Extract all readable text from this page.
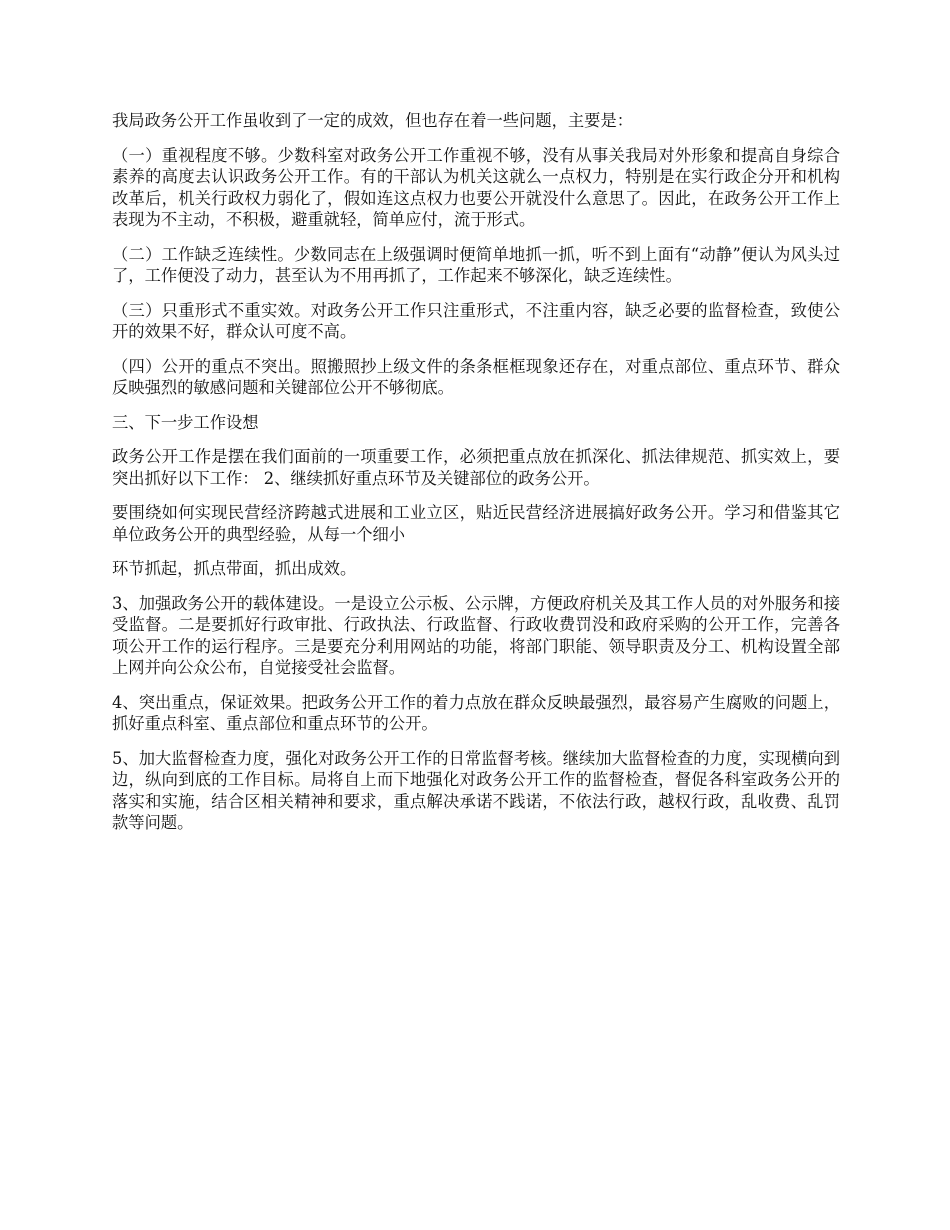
我局政务公开工作虽收到了一定的成效，但也存在着一些问题，主要是：

（一）重视程度不够。少数科室对政务公开工作重视不够，没有从事关我局对外形象和提高自身综合素养的高度去认识政务公开工作。有的干部认为机关这就么一点权力，特别是在实行政企分开和机构改革后，机关行政权力弱化了，假如连这点权力也要公开就没什么意思了。因此，在政务公开工作上表现为不主动，不积极，避重就轻，简单应付，流于形式。

（二）工作缺乏连续性。少数同志在上级强调时便简单地抓一抓，听不到上面有“动静”便认为风头过了，工作便没了动力，甚至认为不用再抓了，工作起来不够深化，缺乏连续性。

（三）只重形式不重实效。对政务公开工作只注重形式，不注重内容，缺乏必要的监督检查，致使公开的效果不好，群众认可度不高。

（四）公开的重点不突出。照搬照抄上级文件的条条框框现象还存在，对重点部位、重点环节、群众反映强烈的敏感问题和关键部位公开不够彻底。

三、下一步工作设想

政务公开工作是摆在我们面前的一项重要工作，必须把重点放在抓深化、抓法律规范、抓实效上，要突出抓好以下工作： 2、继续抓好重点环节及关键部位的政务公开。

要围绕如何实现民营经济跨越式进展和工业立区，贴近民营经济进展搞好政务公开。学习和借鉴其它单位政务公开的典型经验，从每一个细小

环节抓起，抓点带面，抓出成效。

3、加强政务公开的载体建设。一是设立公示板、公示牌，方便政府机关及其工作人员的对外服务和接受监督。二是要抓好行政审批、行政执法、行政监督、行政收费罚没和政府采购的公开工作，完善各项公开工作的运行程序。三是要充分利用网站的功能，将部门职能、领导职责及分工、机构设置全部上网并向公众公布，自觉接受社会监督。

4、突出重点，保证效果。把政务公开工作的着力点放在群众反映最强烈，最容易产生腐败的问题上，抓好重点科室、重点部位和重点环节的公开。

5、加大监督检查力度，强化对政务公开工作的日常监督考核。继续加大监督检查的力度，实现横向到边，纵向到底的工作目标。局将自上而下地强化对政务公开工作的监督检查，督促各科室政务公开的落实和实施，结合区相关精神和要求，重点解决承诺不践诺，不依法行政，越权行政，乱收费、乱罚款等问题。
